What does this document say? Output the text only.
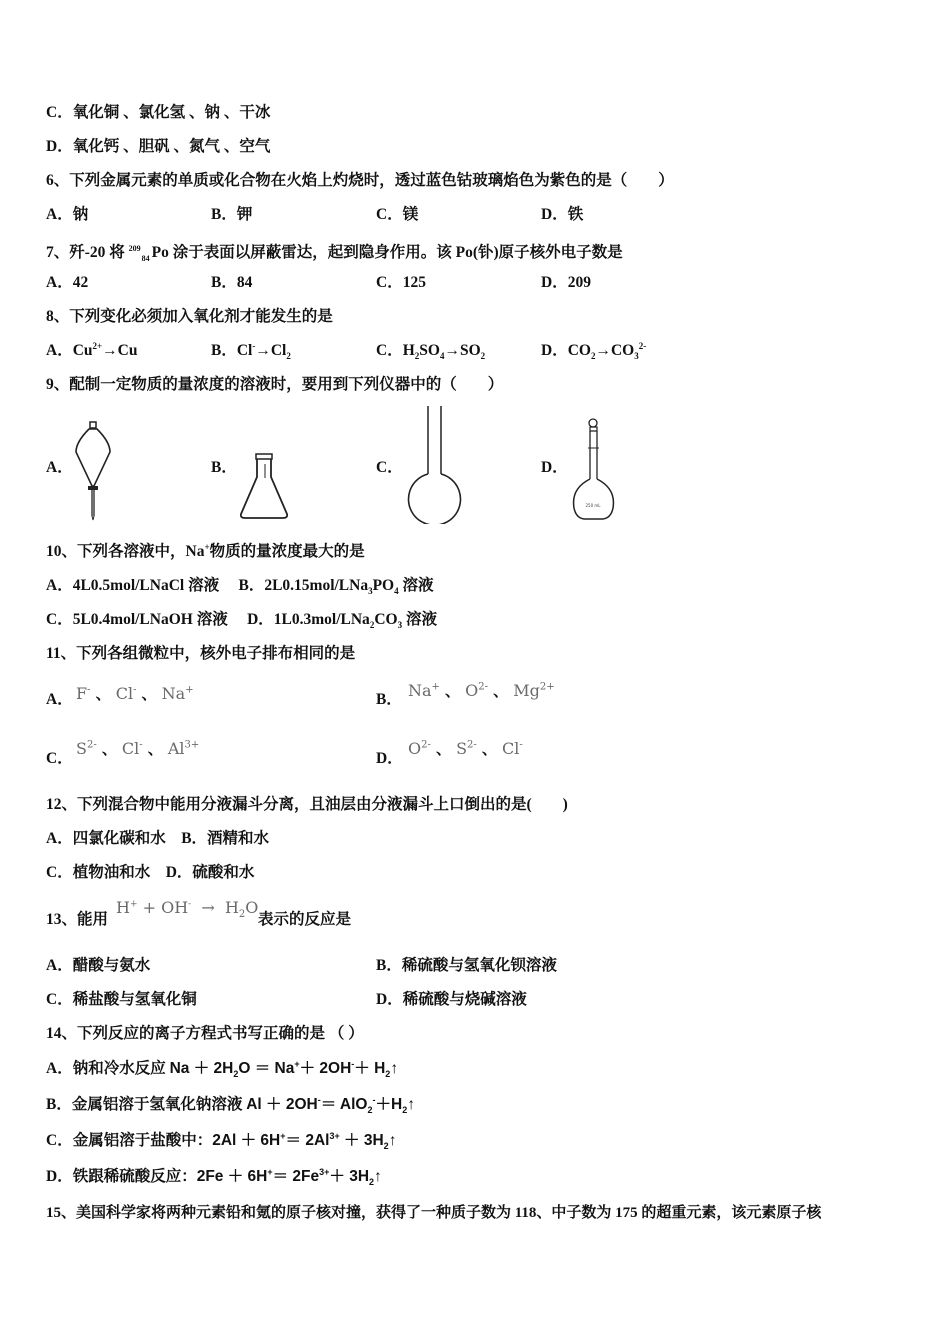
C．氧化铜 、氯化氢 、钠 、干冰
D．氧化钙 、胆矾 、氮气 、空气
6、下列金属元素的单质或化合物在火焰上灼烧时，透过蓝色钴玻璃焰色为紫色的是（　　）
A．钠	B．钾	C．镁	D．铁
7、歼-20 将 $^{209}_{84}$ Po 涂于表面以屏蔽雷达，起到隐身作用。该 Po(钋)原子核外电子数是
A．42	B．84	C．125	D．209
8、下列变化必须加入氧化剂才能发生的是
A．$Cu^{2+}\to Cu$	B．$Cl^-\to Cl_2$	C．$H_2SO_4\to SO_2$	D．$CO_2\to CO_3^{2-}$
9、配制一定物质的量浓度的溶液时，要用到下列仪器中的（　　）
A．	B．	C．	D．
250 mL
10、下列各溶液中，Na+物质的量浓度最大的是
A．4L0.5mol/LNaCl 溶液　 B．$2L0.15mol/LNa_3PO_4$ 溶液
C．5L0.4mol/LNaOH 溶液　 D．$1L0.3mol/LNa_2CO_3$ 溶液
11、下列各组微粒中，核外电子排布相同的是
A． F- 、 Cl- 、 Na+
B． Na+ 、 $O^{2-}$ 、 $Mg^{2+}$
C．
$S^{2-}$ 、 Cl- 、 $Al^{3+}$
D．
$O^{2-}$ 、 $S^{2-}$ 、 Cl-
12、下列混合物中能用分液漏斗分离，且油层由分液漏斗上口倒出的是(　　)
A．四氯化碳和水　B．酒精和水
C．植物油和水　D．硫酸和水
13、能用
$H^+ + OH^- \to H_2O$
表示的反应是
A．醋酸与氨水	B．稀硫酸与氢氧化钡溶液
C．稀盐酸与氢氧化铜	D．稀硫酸与烧碱溶液
14、下列反应的离子方程式书写正确的是 （ ）
A．钠和冷水反应 $Na + 2H_2O = Na^++ 2OH^-+$ $H_2↑$
B．金属铝溶于氢氧化钠溶液 $Al + 2OH^-= AlO_2^-+H_2↑$
C．金属铝溶于盐酸中：$2Al + 6H^+= 2Al^{3+}$ ＋ $3H_2↑$
D．铁跟稀硫酸反应：$2Fe + 6H^+= 2Fe^{3+}+$ $3H_2↑$
15、美国科学家将两种元素铅和氪的原子核对撞，获得了一种质子数为 118、中子数为 175 的超重元素，该元素原子核
